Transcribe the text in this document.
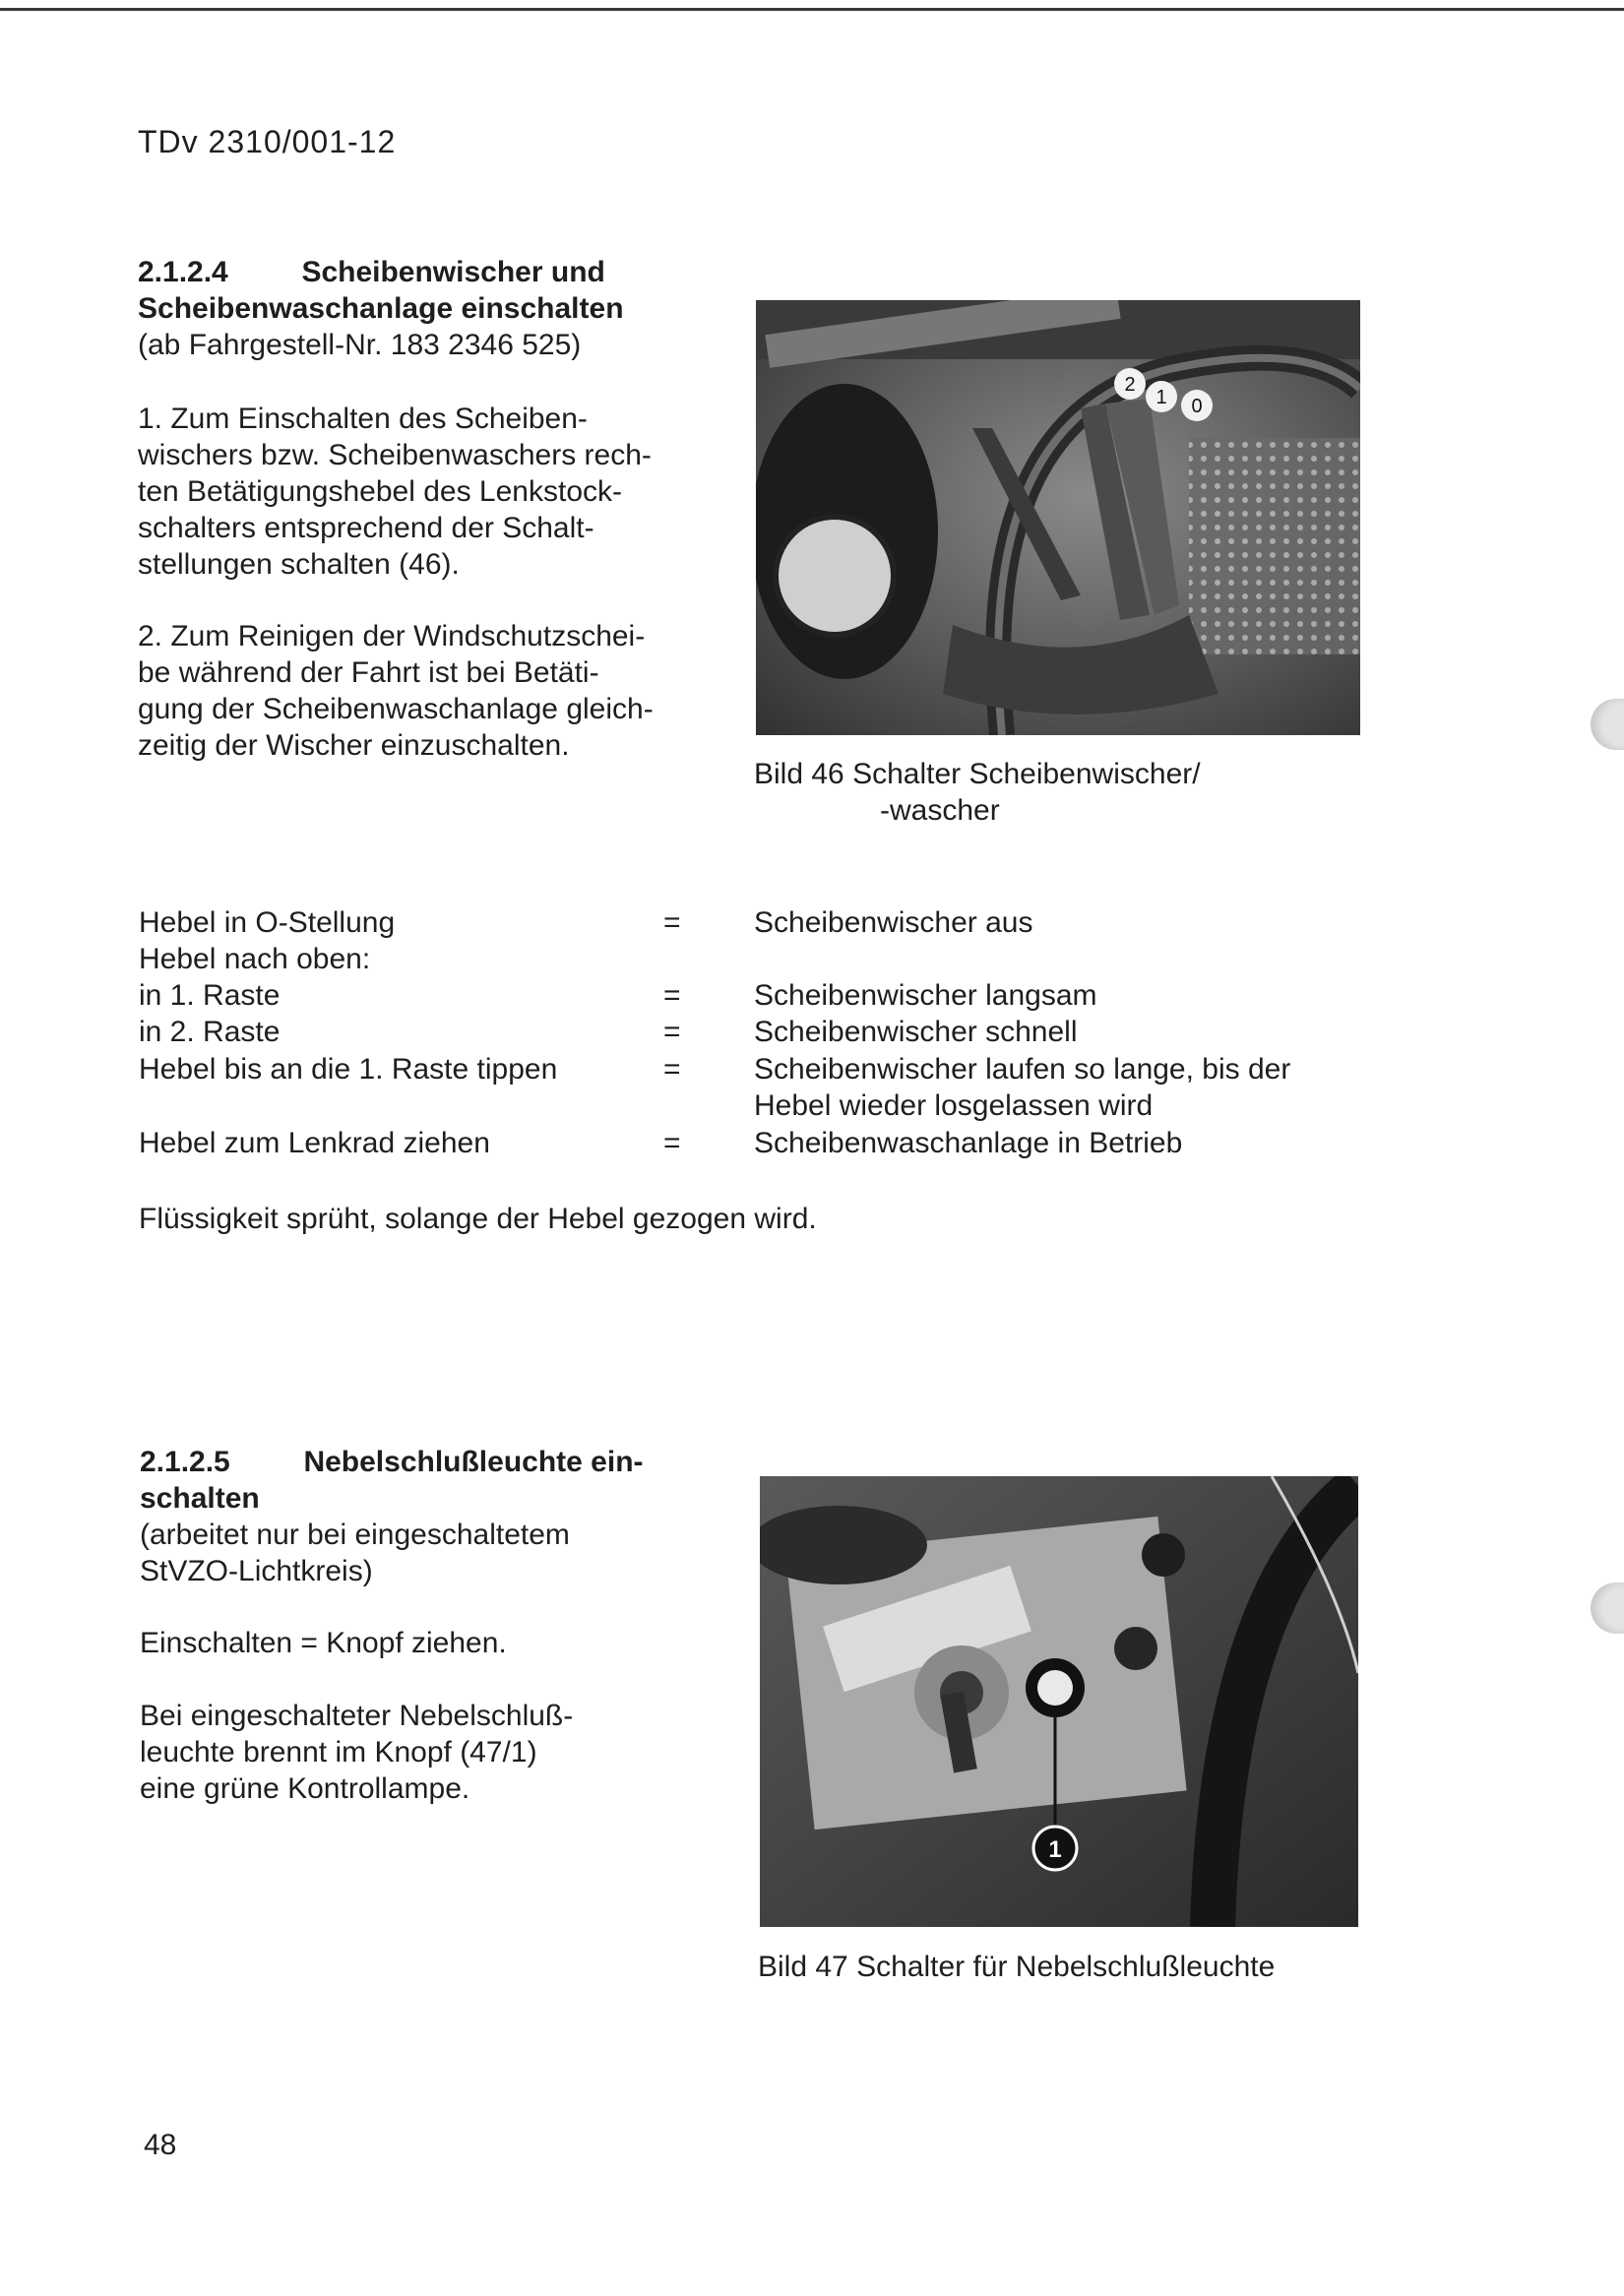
TDv 2310/001-12
2.1.2.4 Scheibenwischer und
Scheibenwaschanlage einschalten
(ab Fahrgestell-Nr. 183 2346 525)
1. Zum Einschalten des Scheiben-
wischers bzw. Scheibenwaschers rech-
ten Betätigungshebel des Lenkstock-
schalters entsprechend der Schalt-
stellungen schalten (46).
2. Zum Reinigen der Windschutzschei-
be während der Fahrt ist bei Betäti-
gung der Scheibenwaschanlage gleich-
zeitig der Wischer einzuschalten.
2
1 0
Bild 46 Schalter Scheibenwischer/
-wascher
Hebel in O-Stellung	= Scheibenwischer aus
Hebel nach oben:
in 1. Raste	= Scheibenwischer langsam
in 2. Raste	= Scheibenwischer schnell
Hebel bis an die 1. Raste tippen	= Scheibenwischer laufen so lange, bis der
Hebel wieder losgelassen wird
Hebel zum Lenkrad ziehen	= Scheibenwaschanlage in Betrieb
Flüssigkeit sprüht, solange der Hebel gezogen wird.
2.1.2.5 Nebelschlußleuchte ein-
schalten
(arbeitet nur bei eingeschaltetem
StVZO-Lichtkreis)
Einschalten = Knopf ziehen.
Bei eingeschalteter Nebelschluß-
leuchte brennt im Knopf (47/1)
eine grüne Kontrollampe.
1
Bild 47 Schalter für Nebelschlußleuchte
48
